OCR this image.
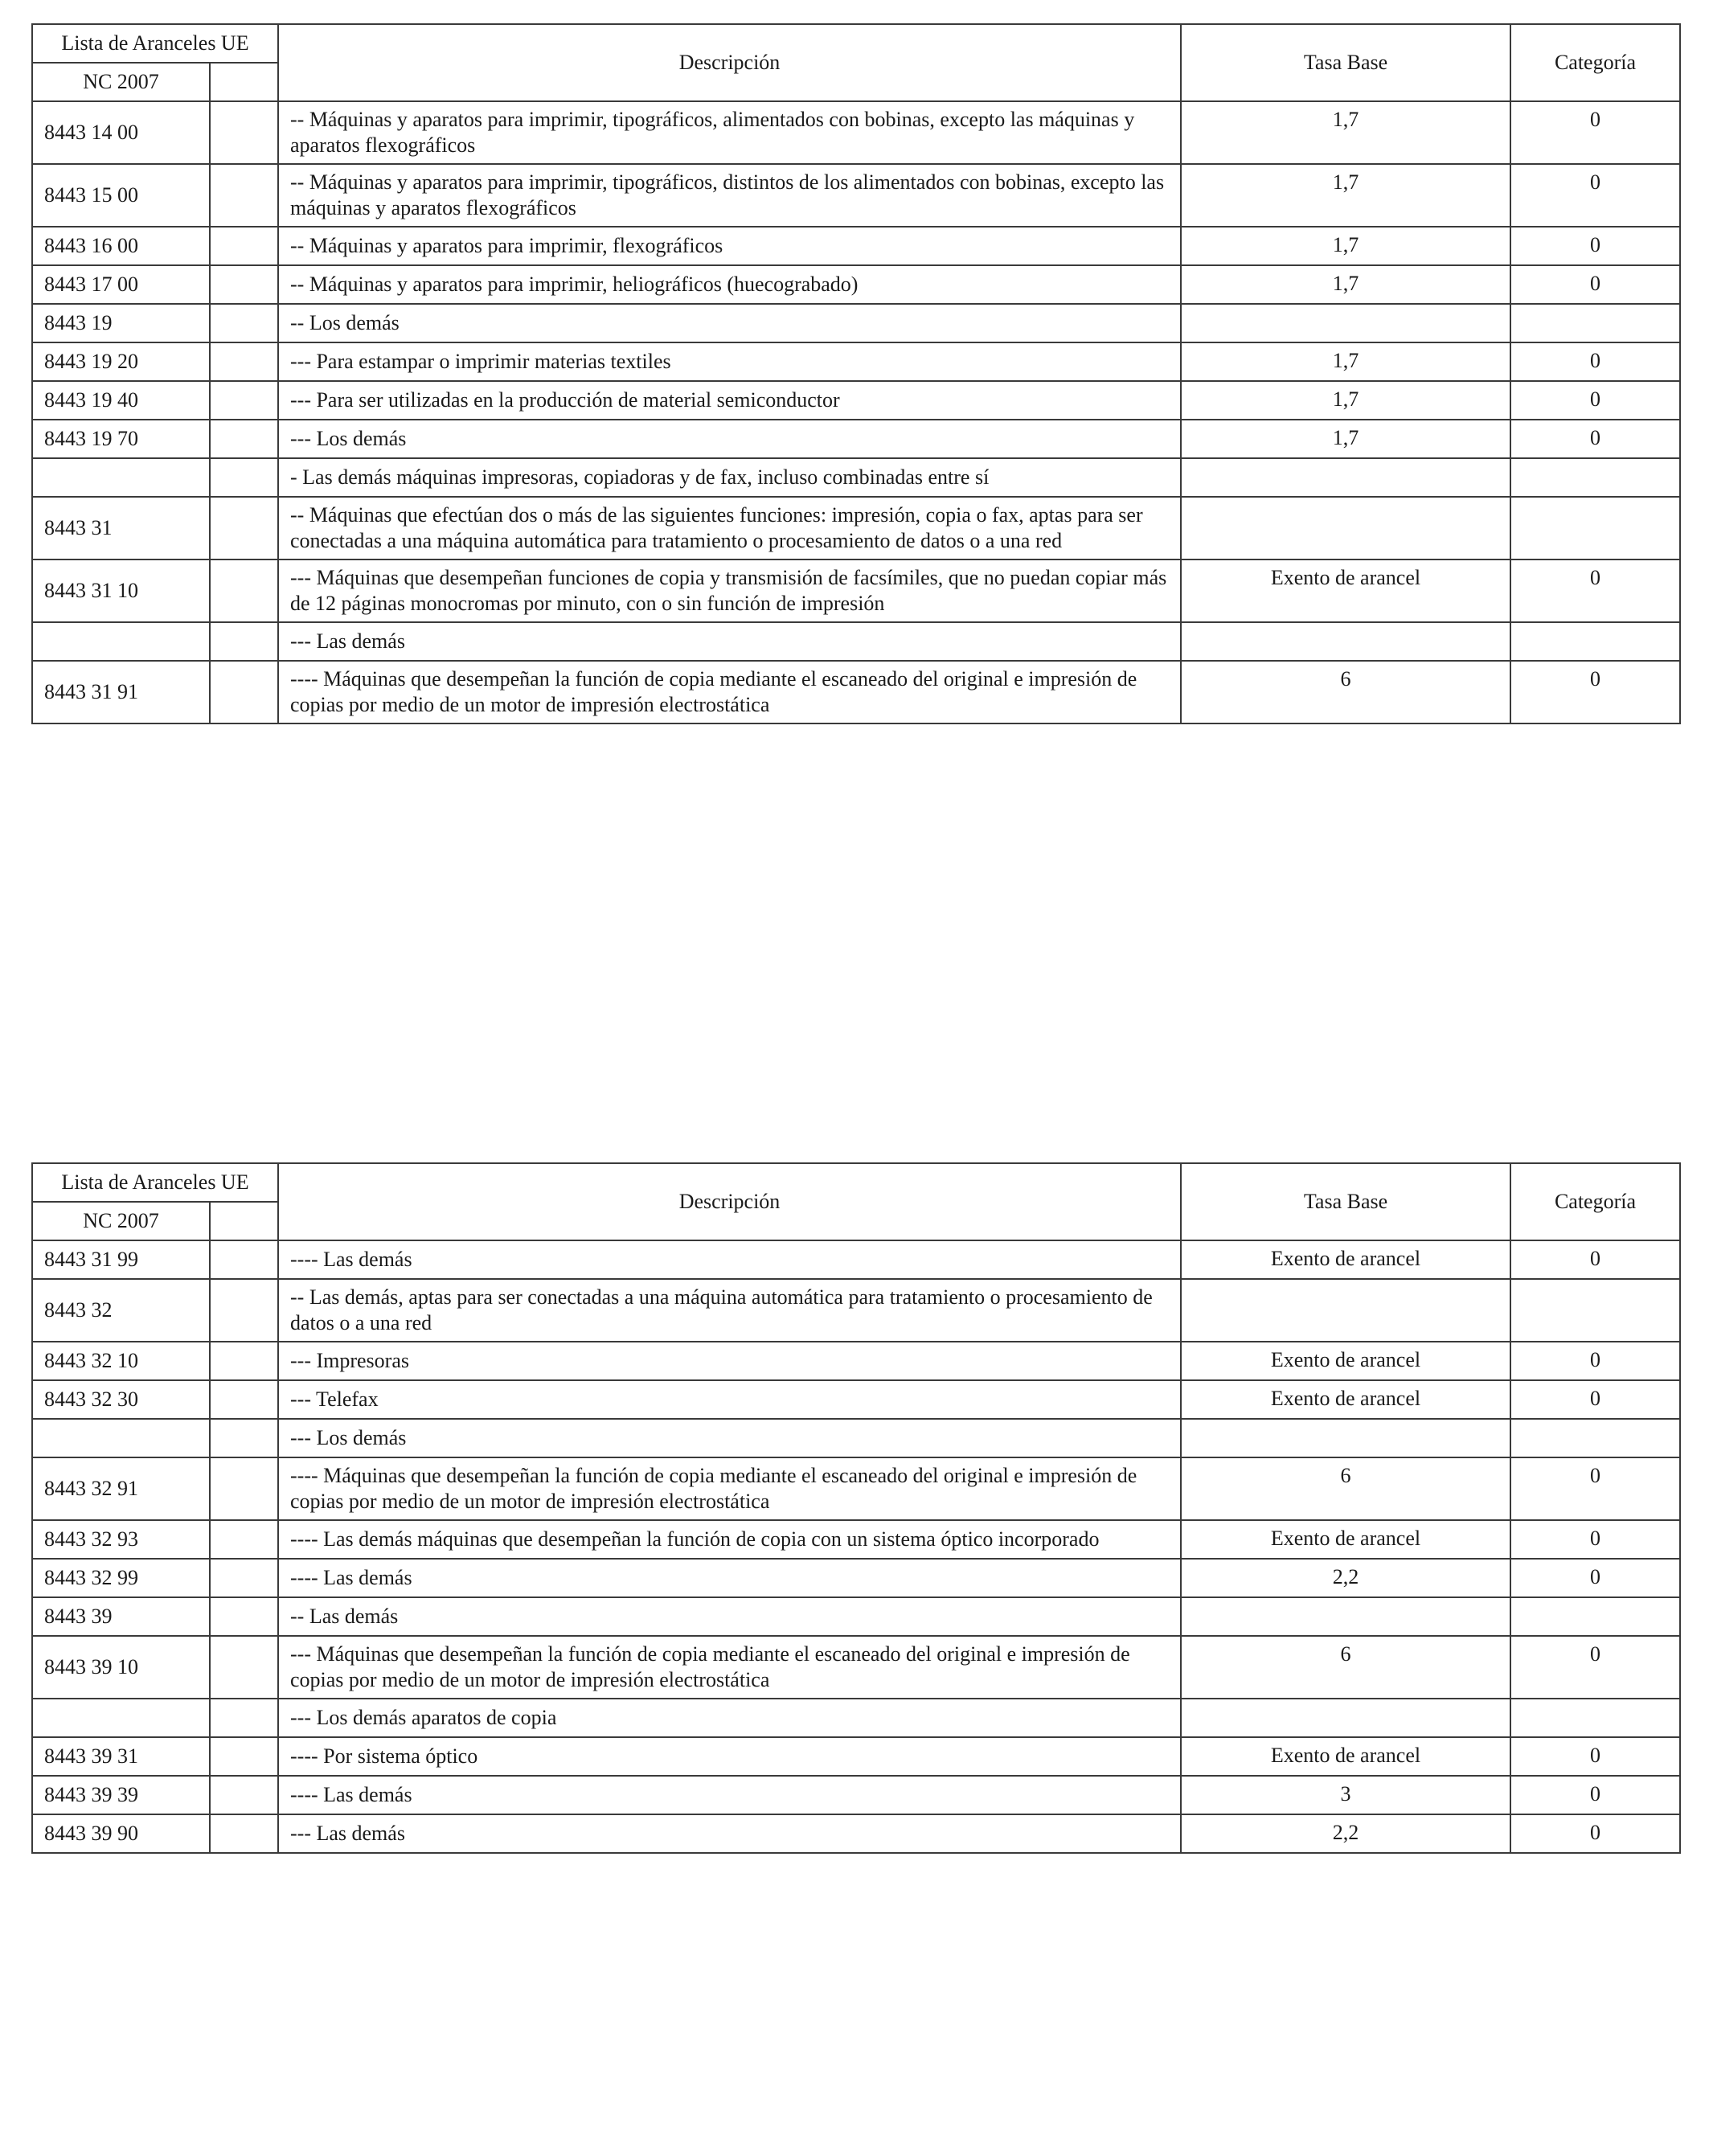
Lista de Aranceles UE		Descripción	Tasa Base	Categoría
NC 2007				
8443 14 00		-- Máquinas y aparatos para imprimir, tipográficos, alimentados con bobinas, excepto las máquinas y aparatos flexográficos	1,7	0
8443 15 00		-- Máquinas y aparatos para imprimir, tipográficos, distintos de los alimentados con bobinas, excepto las máquinas y aparatos flexográficos	1,7	0
8443 16 00		-- Máquinas y aparatos para imprimir, flexográficos	1,7	0
8443 17 00		-- Máquinas y aparatos para imprimir, heliográficos (huecograbado)	1,7	0
8443 19		-- Los demás		
8443 19 20		--- Para estampar o imprimir materias textiles	1,7	0
8443 19 40		--- Para ser utilizadas en la producción de material semiconductor	1,7	0
8443 19 70		--- Los demás	1,7	0
		- Las demás máquinas impresoras, copiadoras y de fax, incluso combinadas entre sí		
8443 31		-- Máquinas que efectúan dos o más de las siguientes funciones: impresión, copia o fax, aptas para ser conectadas a una máquina automática para tratamiento o procesamiento de datos o a una red		
8443 31 10		--- Máquinas que desempeñan funciones de copia y transmisión de facsímiles, que no puedan copiar más de 12 páginas monocromas por minuto, con o sin función de impresión	Exento de arancel	0
		--- Las demás		
8443 31 91		---- Máquinas que desempeñan la función de copia mediante el escaneado del original e impresión de copias por medio de un motor de impresión electrostática	6	0
Lista de Aranceles UE		Descripción	Tasa Base	Categoría
NC 2007				
8443 31 99		---- Las demás	Exento de arancel	0
8443 32		-- Las demás, aptas para ser conectadas a una máquina automática para tratamiento o procesamiento de datos o a una red		
8443 32 10		--- Impresoras	Exento de arancel	0
8443 32 30		--- Telefax	Exento de arancel	0
		--- Los demás		
8443 32 91		---- Máquinas que desempeñan la función de copia mediante el escaneado del original e impresión de copias por medio de un motor de impresión electrostática	6	0
8443 32 93		---- Las demás máquinas que desempeñan la función de copia con un sistema óptico incorporado	Exento de arancel	0
8443 32 99		---- Las demás	2,2	0
8443 39		-- Las demás		
8443 39 10		--- Máquinas que desempeñan la función de copia mediante el escaneado del original e impresión de copias por medio de un motor de impresión electrostática	6	0
		--- Los demás aparatos de copia		
8443 39 31		---- Por sistema óptico	Exento de arancel	0
8443 39 39		---- Las demás	3	0
8443 39 90		--- Las demás	2,2	0
